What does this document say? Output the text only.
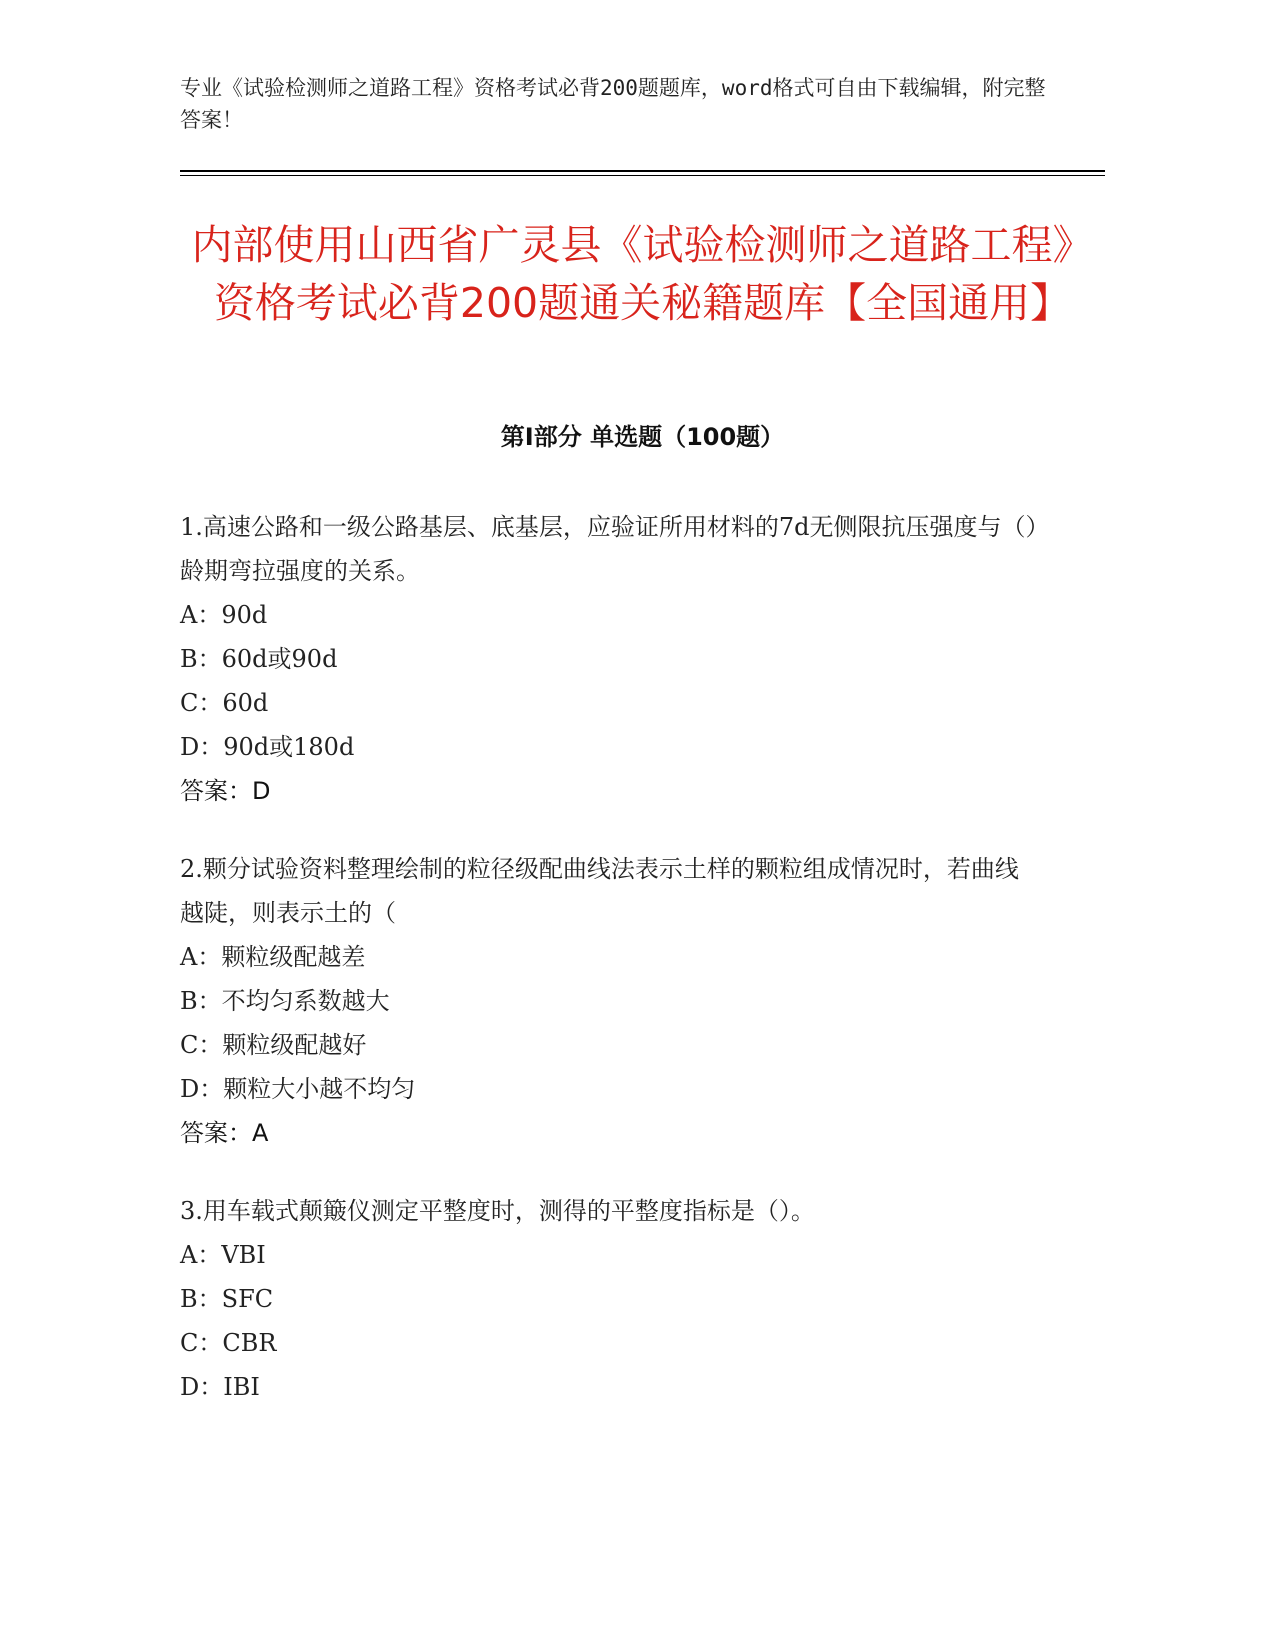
专业《试验检测师之道路工程》资格考试必背200题题库，word格式可自由下载编辑，附完整答案！
内部使用山西省广灵县《试验检测师之道路工程》资格考试必背200题通关秘籍题库【全国通用】
第Ⅰ部分 单选题（100题）

1.高速公路和一级公路基层、底基层，应验证所用材料的7d无侧限抗压强度与（）龄期弯拉强度的关系。

A：90d

B：60d或90d

C：60d

D：90d或180d

答案：D

2.颗分试验资料整理绘制的粒径级配曲线法表示土样的颗粒组成情况时，若曲线越陡，则表示土的（

A：颗粒级配越差

B：不均匀系数越大

C：颗粒级配越好

D：颗粒大小越不均匀

答案：A

3.用车载式颠簸仪测定平整度时，测得的平整度指标是（）。

A：VBI

B：SFC

C：CBR

D：IBI
